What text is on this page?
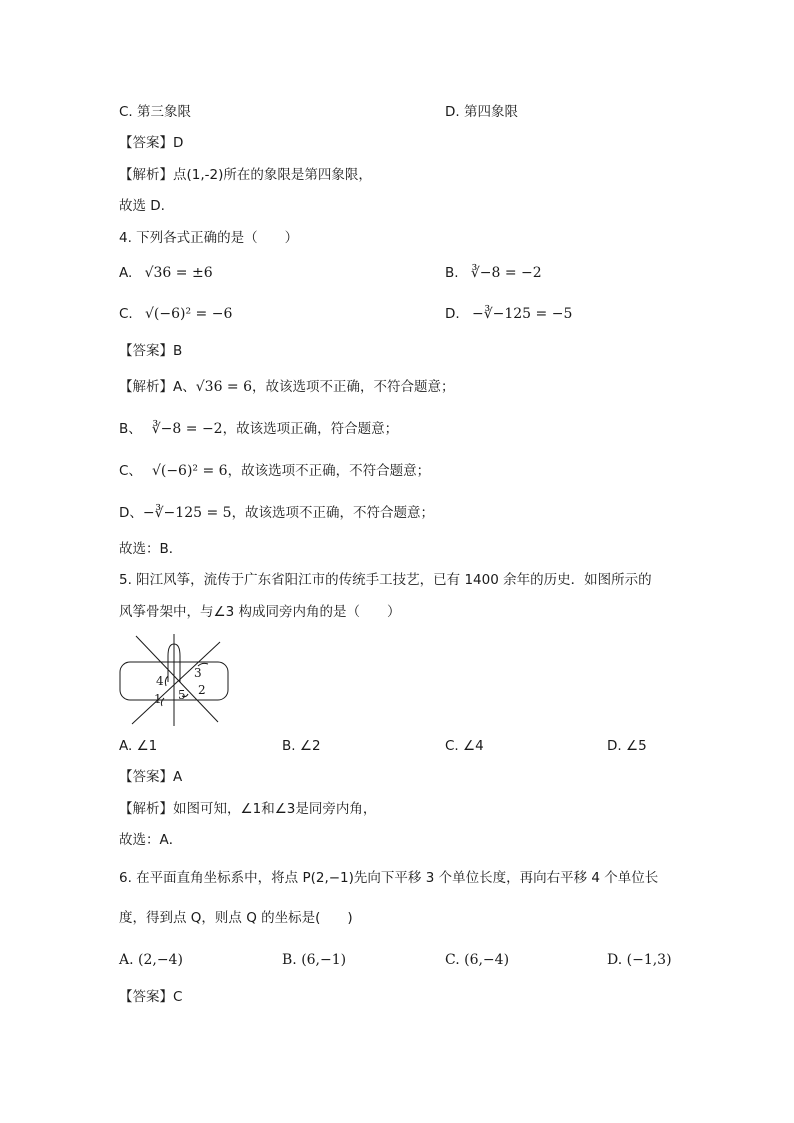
C. 第三象限	D. 第四象限
【答案】D
【解析】点(1,-2)所在的象限是第四象限，
故选 D.
4. 下列各式正确的是（　　）
A. √36 = ±6	B. ∛−8 = −2
C. √(−6)² = −6	D. −∛−125 = −5
【答案】B
【解析】A、√36 = 6，故该选项不正确，不符合题意；
B、 ∛−8 = −2，故该选项正确，符合题意；
C、 √(−6)² = 6，故该选项不正确，不符合题意；
D、−∛−125 = 5，故该选项不正确，不符合题意；
故选：B．
5. 阳江风筝，流传于广东省阳江市的传统手工技艺，已有 1400 余年的历史．如图所示的
风筝骨架中，与∠3 构成同旁内角的是（　　）
4
3
5 2
1
A. ∠1	B. ∠2	C. ∠4	D. ∠5
【答案】A
【解析】如图可知，∠1和∠3是同旁内角，
故选：A．
6. 在平面直角坐标系中，将点 P(2,−1)先向下平移 3 个单位长度，再向右平移 4 个单位长
度，得到点 Q，则点 Q 的坐标是(　　)
A. (2,−4)	B. (6,−1)	C. (6,−4)	D. (−1,3)
【答案】C
